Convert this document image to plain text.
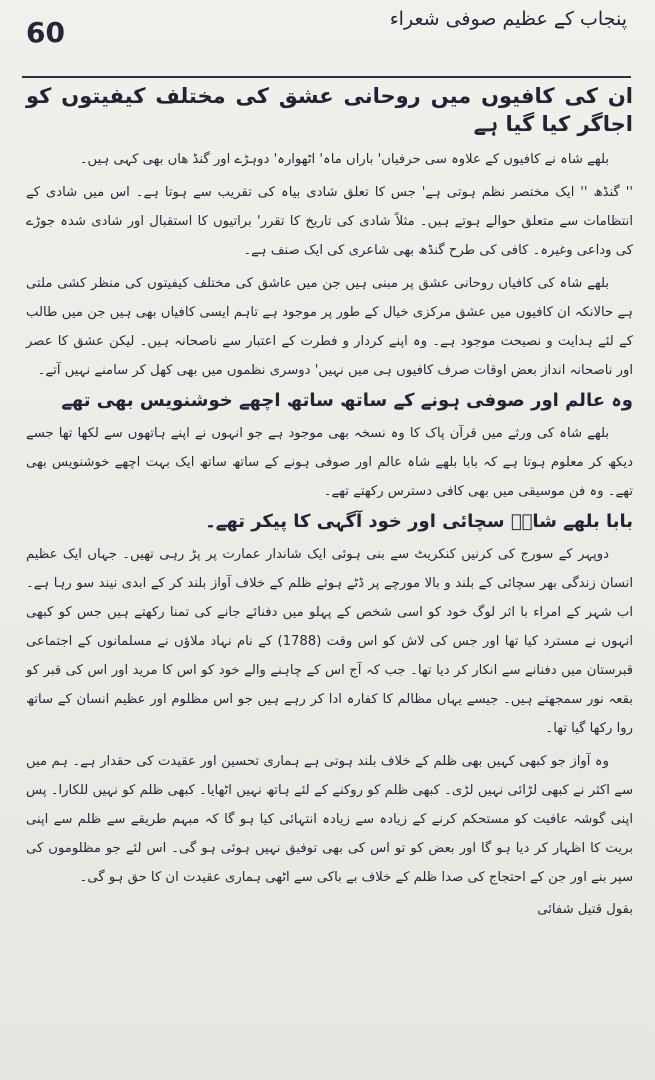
60	پنجاب کے عظیم صوفی شعراء
ان کی کافیوں میں روحانی عشق کی مختلف کیفیتوں کو اجاگر کیا گیا ہے

بلھے شاہ نے کافیوں کے علاوہ سی حرفیاں' باراں ماہ' اٹھوارہ' دوہڑے اور گنڈ ھاں بھی کہی ہیں۔

'' گنڈھ '' ایک مختصر نظم ہوتی ہے' جس کا تعلق شادی بیاہ کی تقریب سے ہوتا ہے۔ اس میں شادی کے انتظامات سے متعلق حوالے ہوتے ہیں۔ مثلاً شادی کی تاریخ کا تقرر' براتیوں کا استقبال اور شادی شدہ جوڑے کی وداعی وغیرہ۔ کافی کی طرح گنڈھ بھی شاعری کی ایک صنف ہے۔

بلھے شاہ کی کافیاں روحانی عشق پر مبنی ہیں جن میں عاشق کی مختلف کیفیتوں کی منظر کشی ملتی ہے حالانکہ ان کافیوں میں عشق مرکزی خیال کے طور پر موجود ہے تاہم ایسی کافیاں بھی ہیں جن میں طالب کے لئے ہدایت و نصیحت موجود ہے۔ وہ اپنے کردار و فطرت کے اعتبار سے ناصحانہ ہیں۔ لیکن عشق کا عصر اور ناصحانہ انداز بعض اوقات صرف کافیوں ہی میں نہیں' دوسری نظموں میں بھی کھل کر سامنے نہیں آتے۔

وہ عالم اور صوفی ہونے کے ساتھ ساتھ اچھے خوشنویس بھی تھے

بلھے شاہ کی ورثے میں قرآن پاک کا وہ نسخہ بھی موجود ہے جو انہوں نے اپنے ہاتھوں سے لکھا تھا جسے دیکھ کر معلوم ہوتا ہے کہ بابا بلھے شاہ عالم اور صوفی ہونے کے ساتھ ساتھ ایک بہت اچھے خوشنویس بھی تھے۔ وہ فن موسیقی میں بھی کافی دسترس رکھتے تھے۔

بابا بلھے شاہؒ سچائی اور خود آگہی کا پیکر تھے۔

دوپہر کے سورج کی کرنیں کنکریٹ سے بنی ہوئی ایک شاندار عمارت پر پڑ رہی تھیں۔ جہاں ایک عظیم انسان زندگی بھر سچائی کے بلند و بالا مورچے پر ڈٹے ہوئے ظلم کے خلاف آواز بلند کر کے ابدی نیند سو رہا ہے۔ اب شہر کے امراء با اثر لوگ خود کو اسی شخص کے پہلو میں دفنائے جانے کی تمنا رکھتے ہیں جس کو کبھی انہوں نے مسترد کیا تھا اور جس کی لاش کو اس وقت (1788) کے نام نہاد ملاؤں نے مسلمانوں کے اجتماعی قبرستان میں دفنانے سے انکار کر دیا تھا۔ جب کہ آج اس کے چاہنے والے خود کو اس کا مرید اور اس کی قبر کو بقعہ نور سمجھتے ہیں۔ جیسے یہاں مظالم کا کفارہ ادا کر رہے ہیں جو اس مظلوم اور عظیم انسان کے ساتھ روا رکھا گیا تھا۔

وہ آواز جو کبھی کہیں بھی ظلم کے خلاف بلند ہوتی ہے ہماری تحسین اور عقیدت کی حقدار ہے۔ ہم میں سے اکثر نے کبھی لڑائی نہیں لڑی۔ کبھی ظلم کو روکنے کے لئے ہاتھ نہیں اٹھایا۔ کبھی ظلم کو نہیں للکارا۔ پس اپنی گوشہ عافیت کو مستحکم کرنے کے زیادہ سے زیادہ انتہائی کیا ہو گا کہ مبہم طریقے سے ظلم سے اپنی بریت کا اظہار کر دیا ہو گا اور بعض کو تو اس کی بھی توفیق نہیں ہوئی ہو گی۔ اس لئے جو مظلوموں کی سپر بنے اور جن کے احتجاج کی صدا ظلم کے خلاف بے باکی سے اٹھی ہماری عقیدت ان کا حق ہو گی۔

بقول قتیل شفائی
